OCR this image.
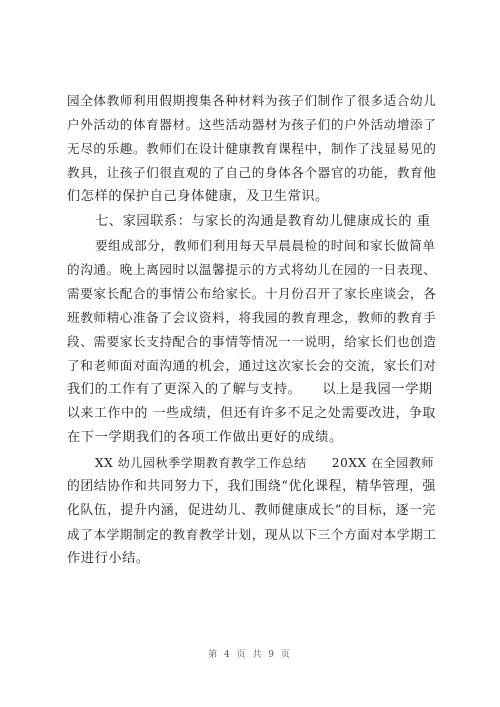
园全体教师利用假期搜集各种材料为孩子们制作了很多适合幼儿
户外活动的体育器材。这些活动器材为孩子们的户外活动增添了
无尽的乐趣。教师们在设计健康教育课程中，制作了浅显易见的
教具，让孩子们很直观的了自己的身体各个器官的功能，教育他
们怎样的保护自己身体健康，及卫生常识。
七、家园联系：与家长的沟通是教育幼儿健康成长的 重
要组成部分，教师们利用每天早晨晨检的时间和家长做简单
的沟通。晚上离园时以温馨提示的方式将幼儿在园的一日表现、
需要家长配合的事情公布给家长。十月份召开了家长座谈会，各
班教师精心准备了会议资料，将我园的教育理念，教师的教育手
段、需要家长支持配合的事情等情况一一说明，给家长们也创造
了和老师面对面沟通的机会，通过这次家长会的交流，家长们对
我们的工作有了更深入的了解与支持。　　以上是我园一学期
以来工作中的 一些成绩，但还有许多不足之处需要改进，争取
在下一学期我们的各项工作做出更好的成绩。
XX 幼儿园秋季学期教育教学工作总结　　20XX 在全园教师
的团结协作和共同努力下，我们围绕“优化课程，精华管理，强
化队伍，提升内涵，促进幼儿、教师健康成长”的目标，逐一完
成了本学期制定的教育教学计划，现从以下三个方面对本学期工
作进行小结。
第 4 页 共 9 页
